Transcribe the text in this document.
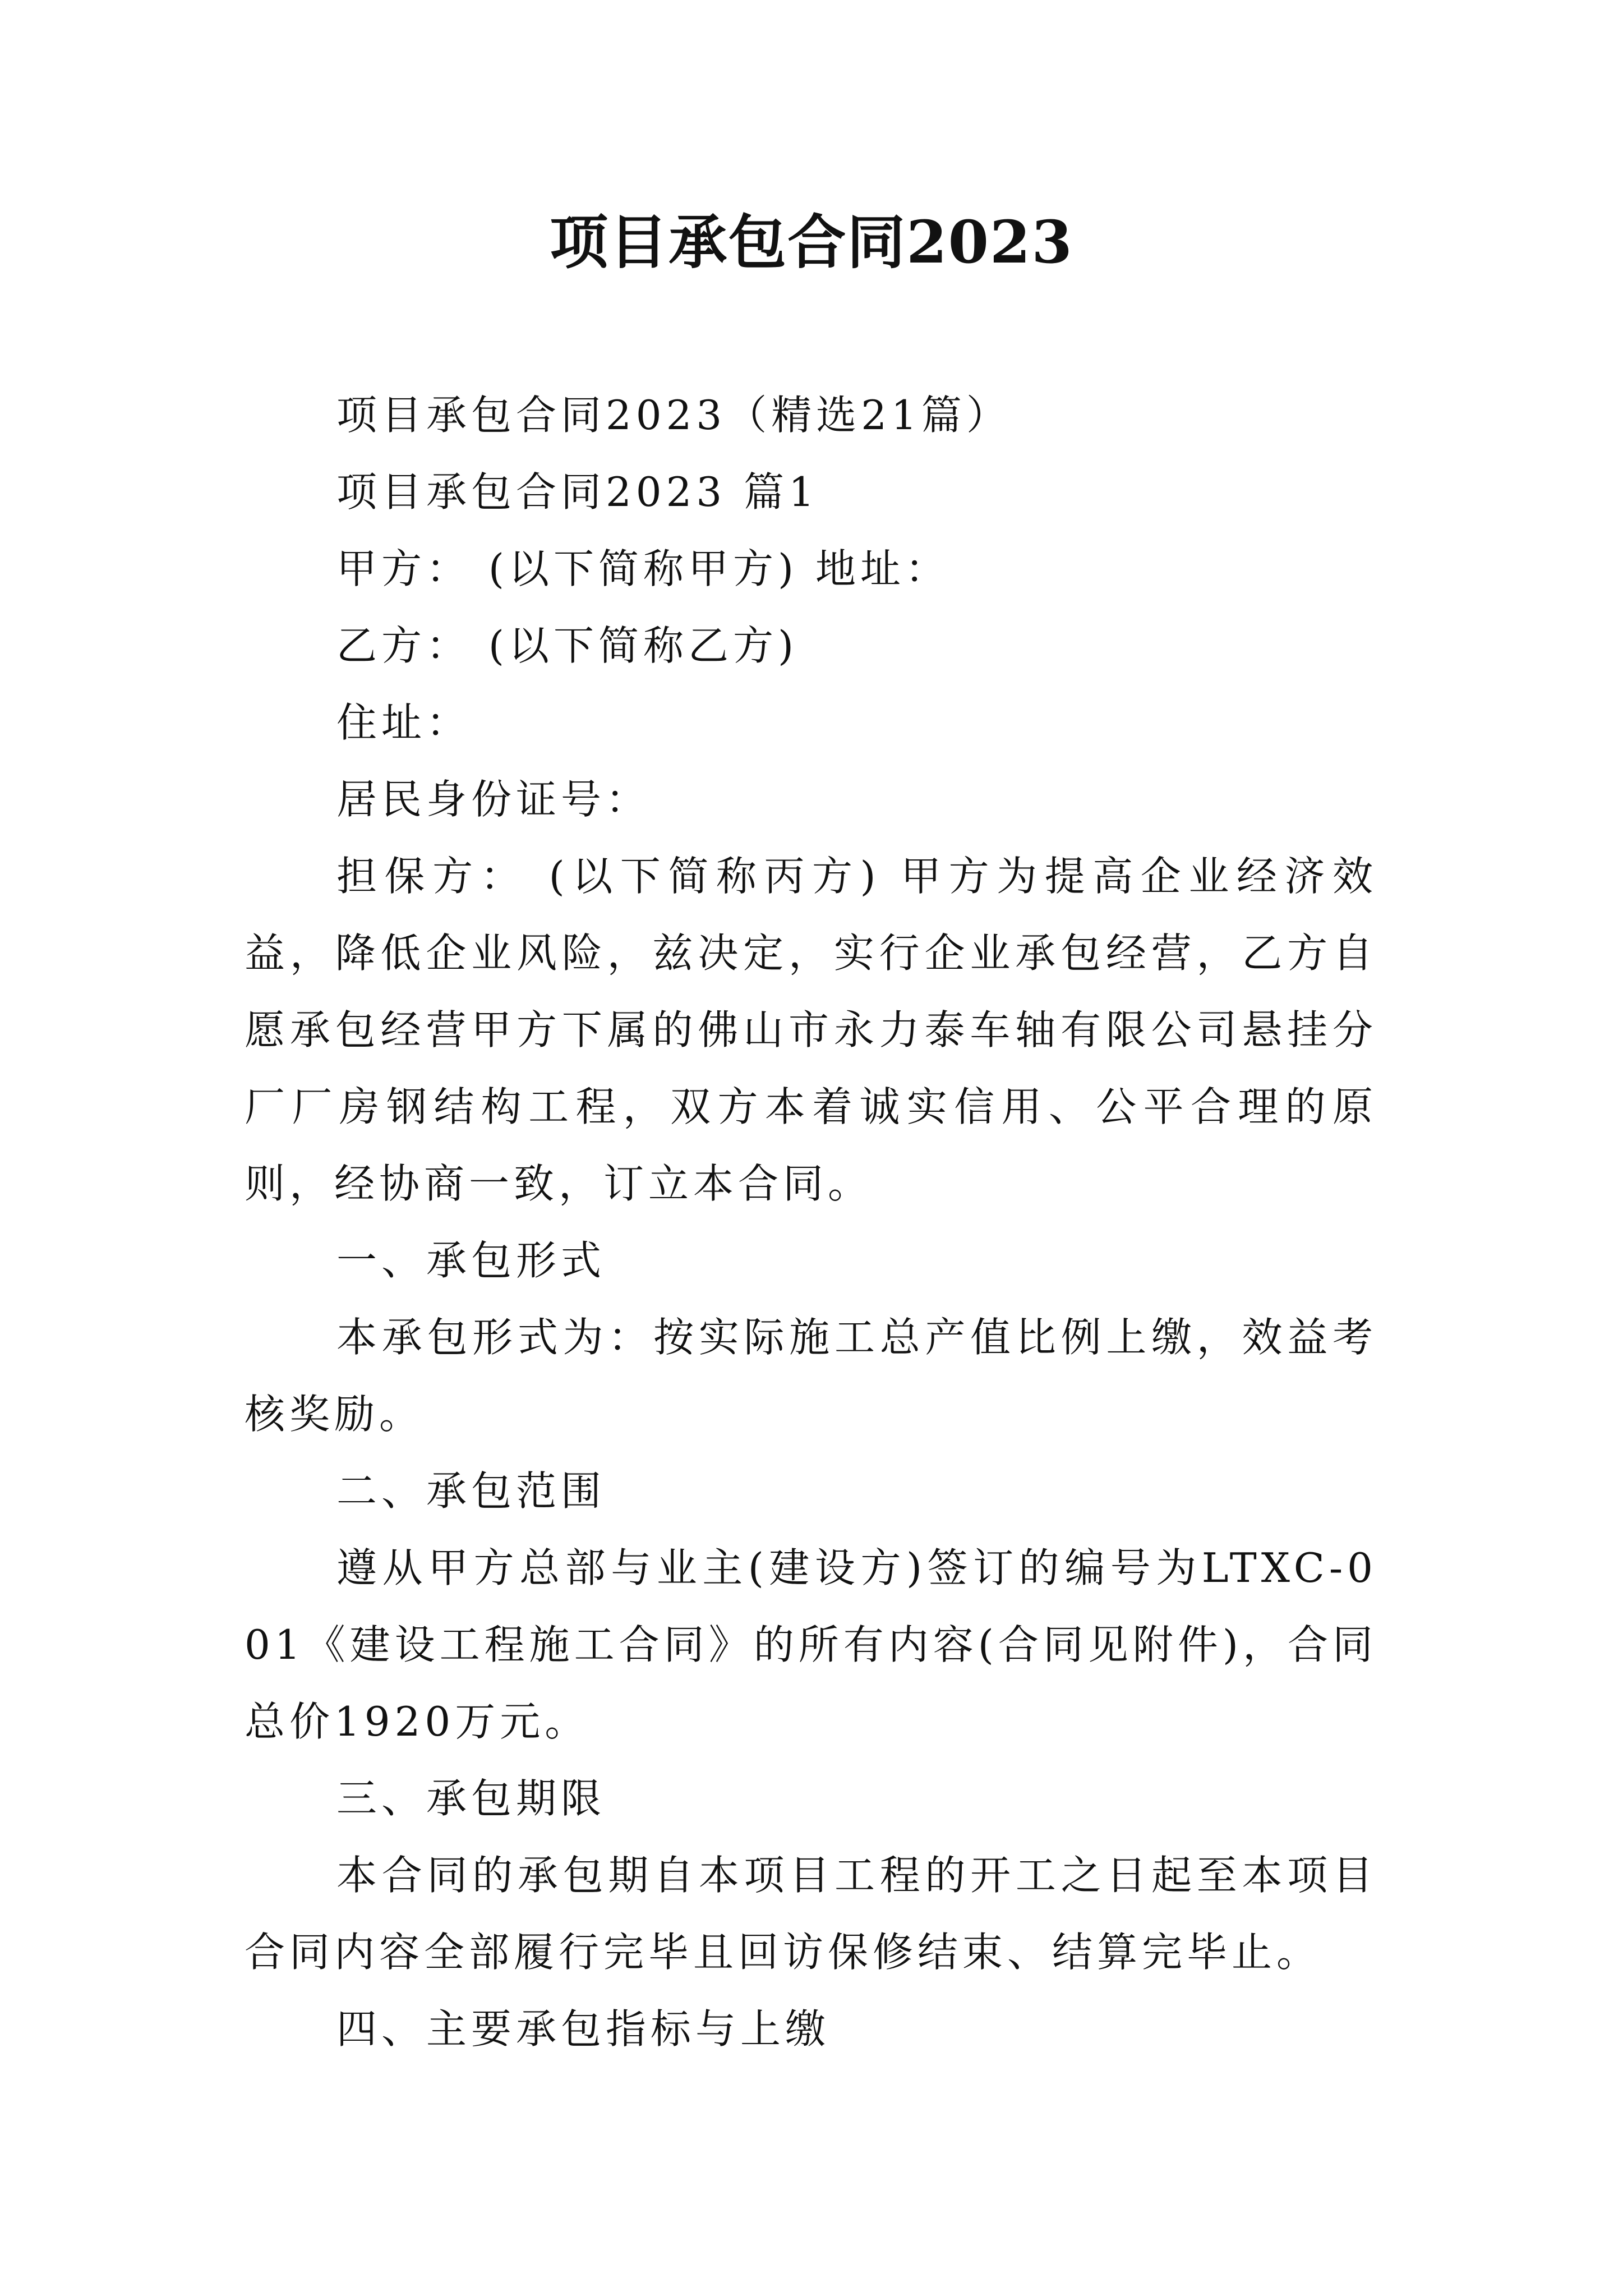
项目承包合同2023

项目承包合同2023（精选21篇）

项目承包合同2023 篇1

甲方： (以下简称甲方) 地址：

乙方： (以下简称乙方)

住址：

居民身份证号：

担保方： (以下简称丙方) 甲方为提高企业经济效益，降低企业风险，兹决定，实行企业承包经营，乙方自愿承包经营甲方下属的佛山市永力泰车轴有限公司悬挂分厂厂房钢结构工程，双方本着诚实信用、公平合理的原则，经协商一致，订立本合同。

一、承包形式

本承包形式为：按实际施工总产值比例上缴，效益考核奖励。

二、承包范围

遵从甲方总部与业主(建设方)签订的编号为LTXC-001《建设工程施工合同》的所有内容(合同见附件)，合同总价1920万元。

三、承包期限

本合同的承包期自本项目工程的开工之日起至本项目合同内容全部履行完毕且回访保修结束、结算完毕止。

四、主要承包指标与上缴
